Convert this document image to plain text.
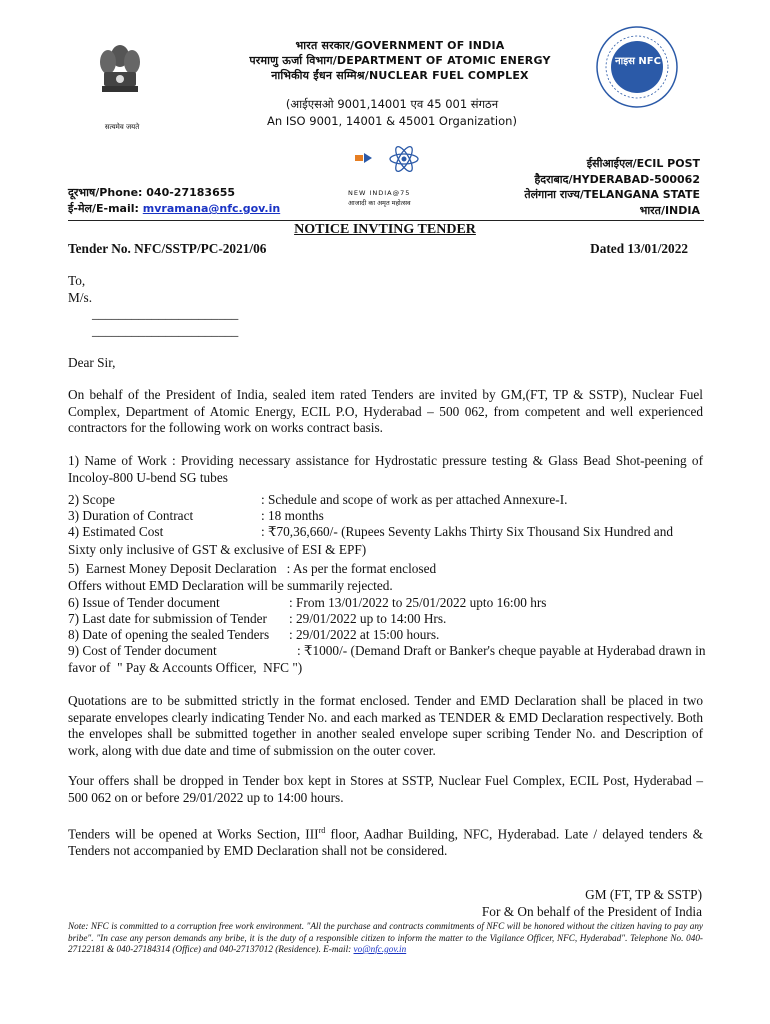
सत्यमेव जयते
भारत सरकार/GOVERNMENT OF INDIA
परमाणु ऊर्जा विभाग/DEPARTMENT OF ATOMIC ENERGY
नाभिकीय ईंधन सम्मिश्र/NUCLEAR FUEL COMPLEX
(आईएसओ 9001,14001 एव 45 001 संगठन
An ISO 9001, 14001 & 45001 Organization)
नाइस NFC
NEW INDIA@75
आजादी का अमृत महोत्सव
दूरभाष/Phone: 040-27183655
ई-मेल/E-mail: mvramana@nfc.gov.in
ईसीआईएल/ECIL POST
हैदराबाद/HYDERABAD-500062
तेलंगाना राज्य/TELANGANA STATE
भारत/INDIA
NOTICE INVTING TENDER
Tender No. NFC/SSTP/PC-2021/06	Dated 13/01/2022
To,
M/s.
______________________
______________________
Dear Sir,
On behalf of the President of India, sealed item rated Tenders are invited by GM,(FT, TP & SSTP), Nuclear Fuel Complex, Department of Atomic Energy, ECIL P.O, Hyderabad – 500 062, from competent and well experienced contractors for the following work on works contract basis.
1) Name of Work : Providing necessary assistance for Hydrostatic pressure testing & Glass Bead Shot-peening of Incoloy-800 U-bend SG tubes
2) Scope	: Schedule and scope of work as per attached Annexure-I.
3) Duration of Contract	: 18 months
4) Estimated Cost	: ₹70,36,660/- (Rupees Seventy Lakhs Thirty Six Thousand Six Hundred and
Sixty only inclusive of GST & exclusive of ESI & EPF)
5)  Earnest Money Deposit Declaration   : As per the format enclosed
Offers without EMD Declaration will be summarily rejected.
6) Issue of Tender document	: From 13/01/2022 to 25/01/2022 upto 16:00 hrs
7) Last date for submission of Tender : 29/01/2022 up to 14:00 Hrs.
8) Date of opening the sealed Tenders : 29/01/2022 at 15:00 hours.
9) Cost of Tender document	: ₹1000/- (Demand Draft or Banker's cheque payable at Hyderabad drawn in
favor of  " Pay & Accounts Officer,  NFC ")
Quotations are to be submitted strictly in the format enclosed. Tender and EMD Declaration shall be placed in two separate envelopes clearly indicating Tender No. and each marked as TENDER & EMD Declaration respectively. Both the envelopes shall be submitted together in another sealed envelope super scribing Tender No. and Description of work, along with due date and time of submission on the outer cover.
Your offers shall be dropped in Tender box kept in Stores at SSTP, Nuclear Fuel Complex, ECIL Post, Hyderabad – 500 062 on or before 29/01/2022 up to 14:00 hours.
Tenders will be opened at Works Section, IIIrd floor, Aadhar Building, NFC, Hyderabad. Late / delayed tenders & Tenders not accompanied by EMD Declaration shall not be considered.
GM (FT, TP & SSTP)
For & On behalf of the President of India
Note: NFC is committed to a corruption free work environment. "All the purchase and contracts commitments of NFC will be honored without the citizen having to pay any bribe". "In case any person demands any bribe, it is the duty of a responsible citizen to inform the matter to the Vigilance Officer, NFC, Hyderabad". Telephone No. 040-27122181 & 040-27184314 (Office) and 040-27137012 (Residence). E-mail: vo@nfc.gov.in
